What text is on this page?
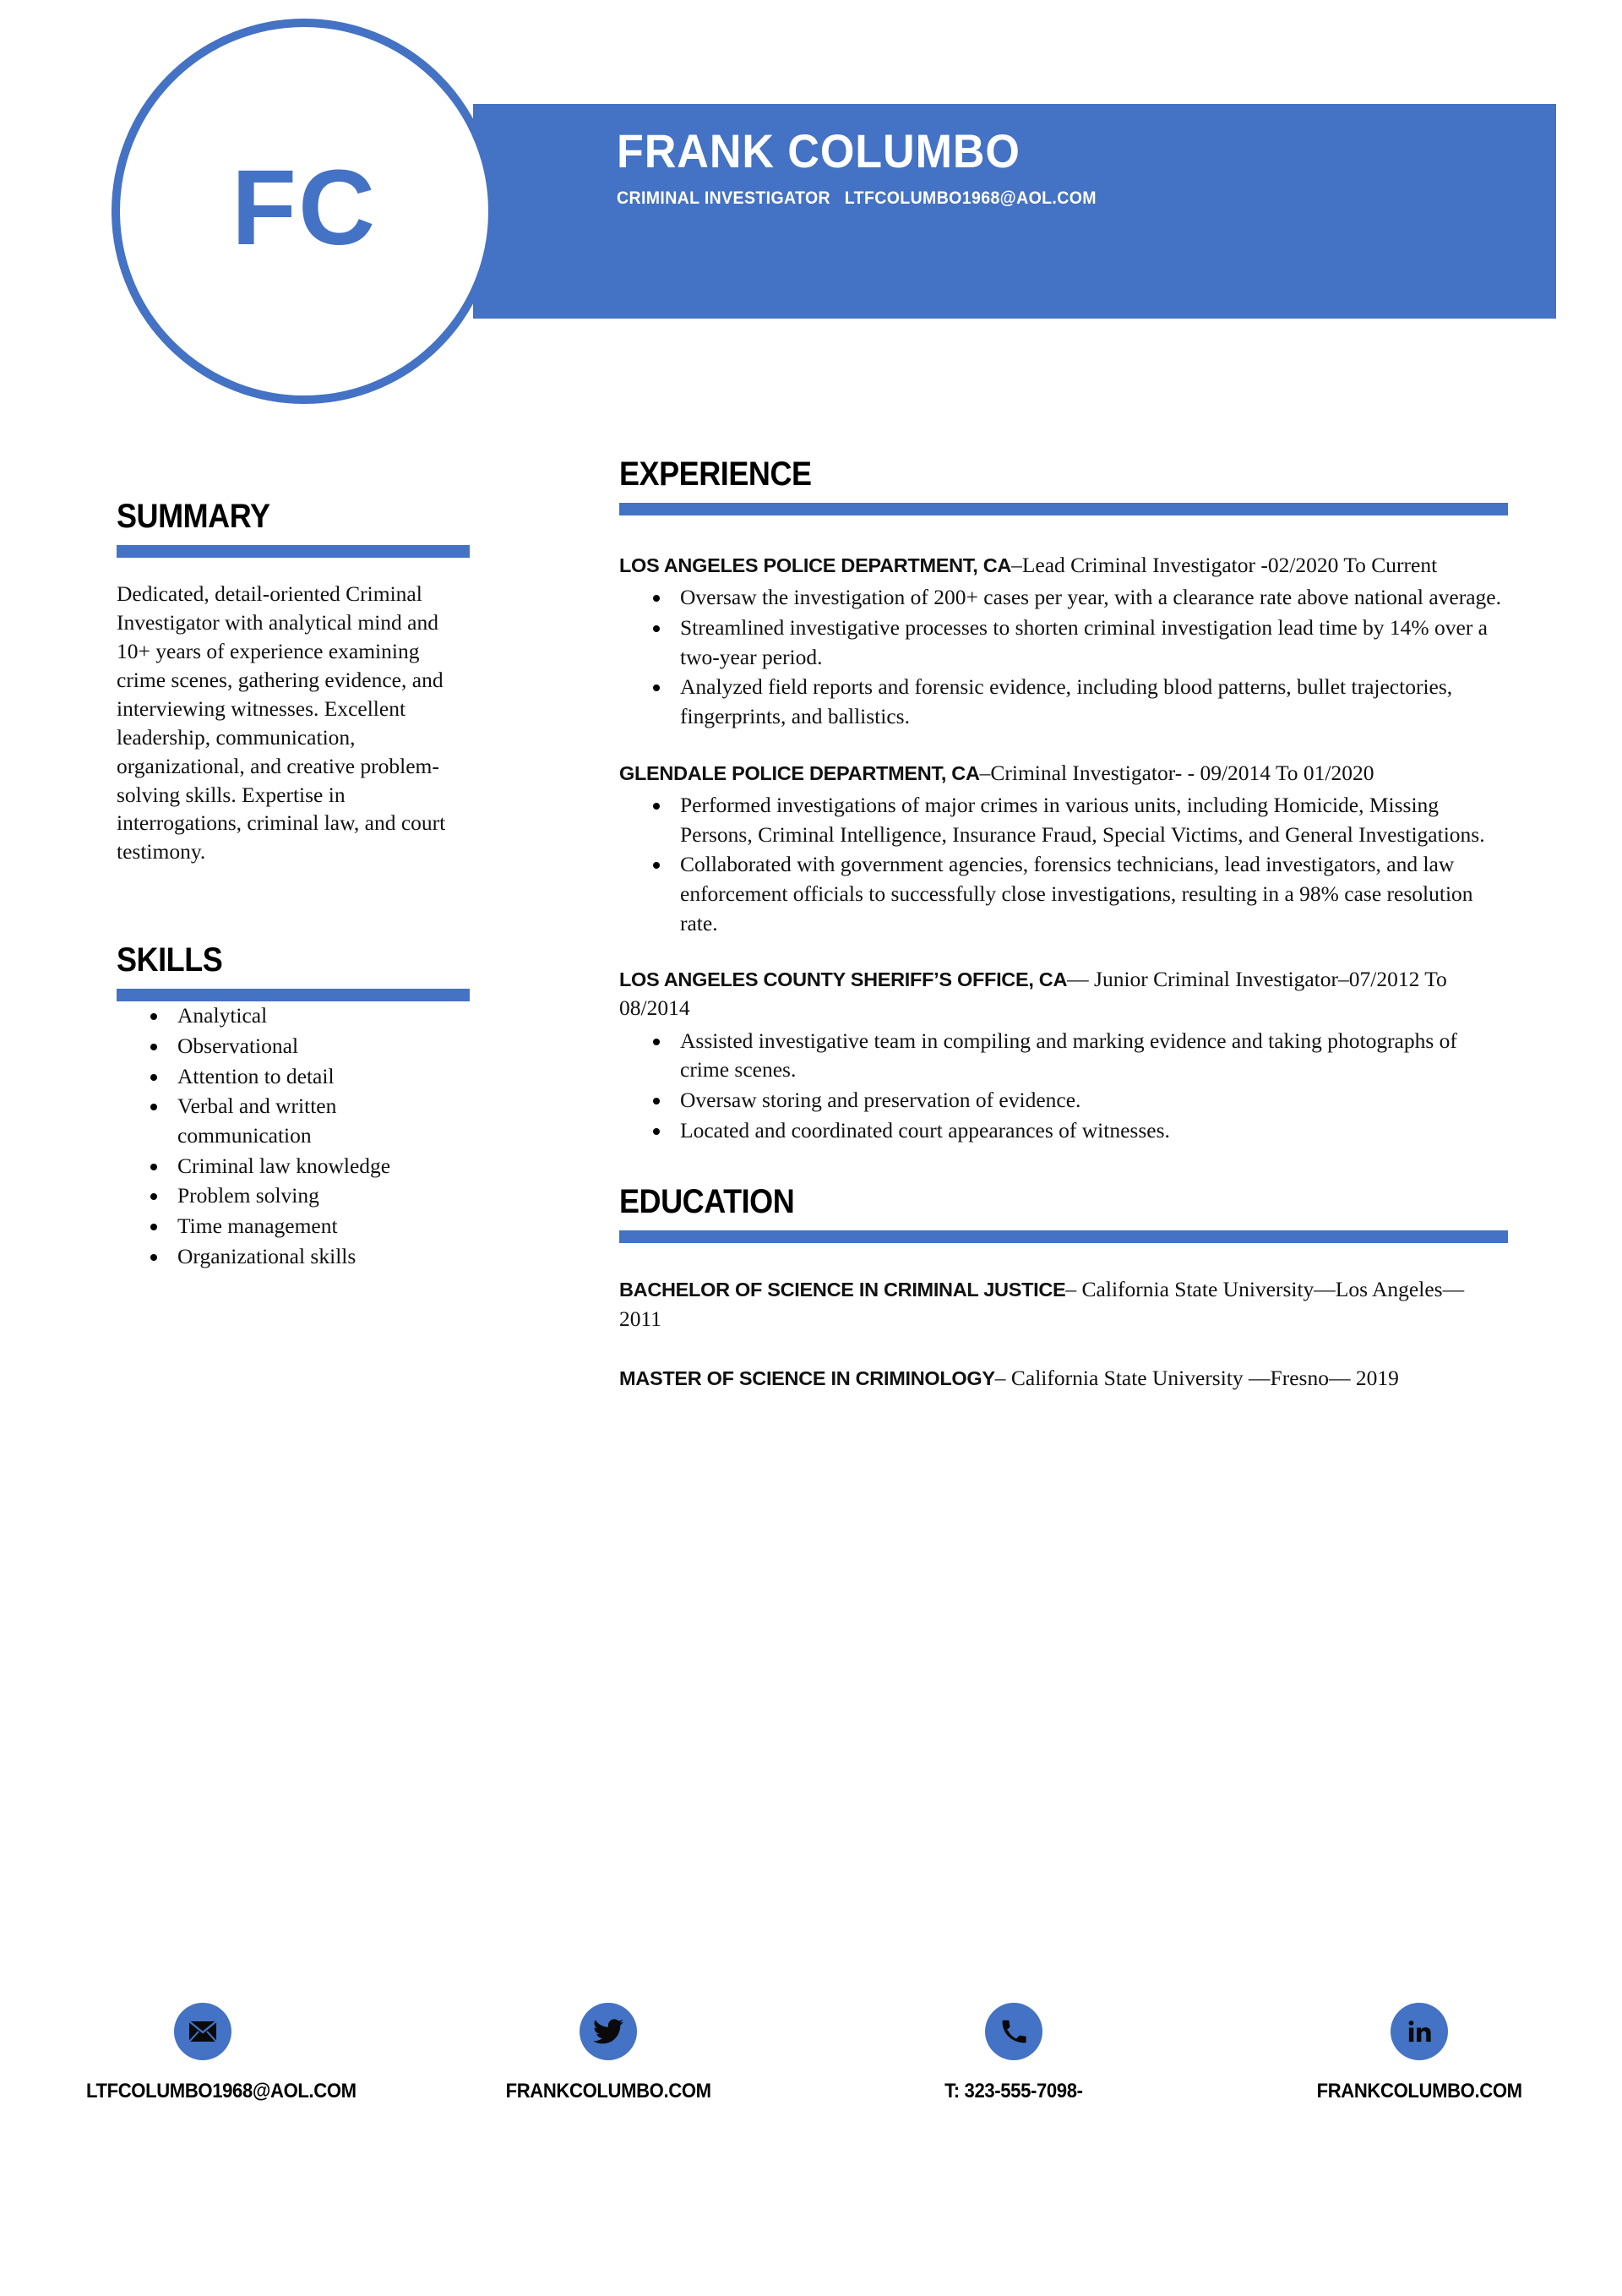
FC	FRANK COLUMBO
CRIMINAL INVESTIGATOR LTFCOLUMBO1968@AOL.COM
SUMMARY

Dedicated, detail-oriented Criminal Investigator with analytical mind and 10+ years of experience examining crime scenes, gathering evidence, and interviewing witnesses. Excellent leadership, communication, organizational, and creative problem-solving skills. Expertise in interrogations, criminal law, and court testimony.

SKILLS
Analytical
Observational
Attention to detail
Verbal and written communication
Criminal law knowledge
Problem solving
Time management
Organizational skills
EXPERIENCE
LOS ANGELES POLICE DEPARTMENT, CA–Lead Criminal Investigator -02/2020 To Current
Oversaw the investigation of 200+ cases per year, with a clearance rate above national average.
Streamlined investigative processes to shorten criminal investigation lead time by 14% over a two-year period.
Analyzed field reports and forensic evidence, including blood patterns, bullet trajectories, fingerprints, and ballistics.
GLENDALE POLICE DEPARTMENT, CA–Criminal Investigator- - 09/2014 To 01/2020
Performed investigations of major crimes in various units, including Homicide, Missing Persons, Criminal Intelligence, Insurance Fraud, Special Victims, and General Investigations.
Collaborated with government agencies, forensics technicians, lead investigators, and law enforcement officials to successfully close investigations, resulting in a 98% case resolution rate.
LOS ANGELES COUNTY SHERIFF’S OFFICE, CA— Junior Criminal Investigator–07/2012 To 08/2014
Assisted investigative team in compiling and marking evidence and taking photographs of crime scenes.
Oversaw storing and preservation of evidence.
Located and coordinated court appearances of witnesses.
EDUCATION
BACHELOR OF SCIENCE IN CRIMINAL JUSTICE– California State University—Los Angeles— 2011
MASTER OF SCIENCE IN CRIMINOLOGY– California State University —Fresno— 2019
LTFCOLUMBO1968@AOL.COM	FRANKCOLUMBO.COM	T: 323-555-7098-	FRANKCOLUMBO.COM
